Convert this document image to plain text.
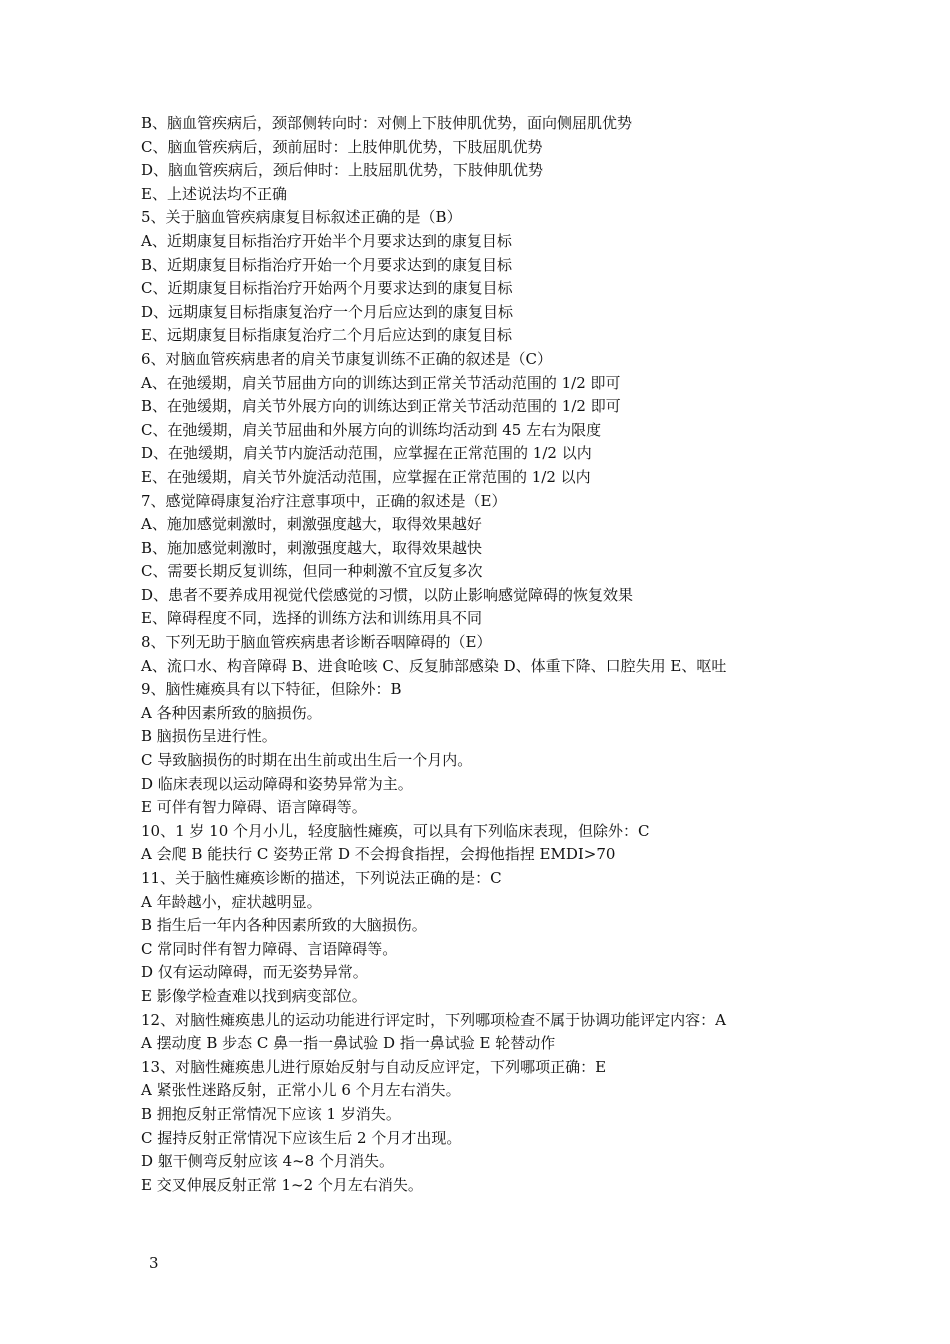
B、脑血管疾病后，颈部侧转向时：对侧上下肢伸肌优势，面向侧屈肌优势
C、脑血管疾病后，颈前屈时：上肢伸肌优势，下肢屈肌优势
D、脑血管疾病后，颈后伸时：上肢屈肌优势，下肢伸肌优势
E、上述说法均不正确
5、关于脑血管疾病康复目标叙述正确的是（B）
A、近期康复目标指治疗开始半个月要求达到的康复目标
B、近期康复目标指治疗开始一个月要求达到的康复目标
C、近期康复目标指治疗开始两个月要求达到的康复目标
D、远期康复目标指康复治疗一个月后应达到的康复目标
E、远期康复目标指康复治疗二个月后应达到的康复目标
6、对脑血管疾病患者的肩关节康复训练不正确的叙述是（C）
A、在弛缓期，肩关节屈曲方向的训练达到正常关节活动范围的 1/2 即可
B、在弛缓期，肩关节外展方向的训练达到正常关节活动范围的 1/2 即可
C、在弛缓期，肩关节屈曲和外展方向的训练均活动到 45 左右为限度
D、在弛缓期，肩关节内旋活动范围，应掌握在正常范围的 1/2 以内
E、在弛缓期，肩关节外旋活动范围，应掌握在正常范围的 1/2 以内
7、感觉障碍康复治疗注意事项中，正确的叙述是（E）
A、施加感觉刺激时，刺激强度越大，取得效果越好
B、施加感觉刺激时，刺激强度越大，取得效果越快
C、需要长期反复训练，但同一种刺激不宜反复多次
D、患者不要养成用视觉代偿感觉的习惯，以防止影响感觉障碍的恢复效果
E、障碍程度不同，选择的训练方法和训练用具不同
8、下列无助于脑血管疾病患者诊断吞咽障碍的（E）
A、流口水、构音障碍 B、进食呛咳 C、反复肺部感染 D、体重下降、口腔失用 E、呕吐
9、脑性瘫痪具有以下特征，但除外：B
A 各种因素所致的脑损伤。
B 脑损伤呈进行性。
C 导致脑损伤的时期在出生前或出生后一个月内。
D 临床表现以运动障碍和姿势异常为主。
E 可伴有智力障碍、语言障碍等。
10、1 岁 10 个月小儿，轻度脑性瘫痪，可以具有下列临床表现，但除外：C
A 会爬 B 能扶行 C 姿势正常 D 不会拇食指捏，会拇他指捏 EMDI>70
11、关于脑性瘫痪诊断的描述，下列说法正确的是：C
A 年龄越小，症状越明显。
B 指生后一年内各种因素所致的大脑损伤。
C 常同时伴有智力障碍、言语障碍等。
D 仅有运动障碍，而无姿势异常。
E 影像学检查难以找到病变部位。
12、对脑性瘫痪患儿的运动功能进行评定时，下列哪项检查不属于协调功能评定内容：A
A 摆动度 B 步态 C 鼻一指一鼻试验 D 指一鼻试验 E 轮替动作
13、对脑性瘫痪患儿进行原始反射与自动反应评定，下列哪项正确：E
A 紧张性迷路反射，正常小儿 6 个月左右消失。
B 拥抱反射正常情况下应该 1 岁消失。
C 握持反射正常情况下应该生后 2 个月才出现。
D 躯干侧弯反射应该 4~8 个月消失。
E 交叉伸展反射正常 1~2 个月左右消失。
3
